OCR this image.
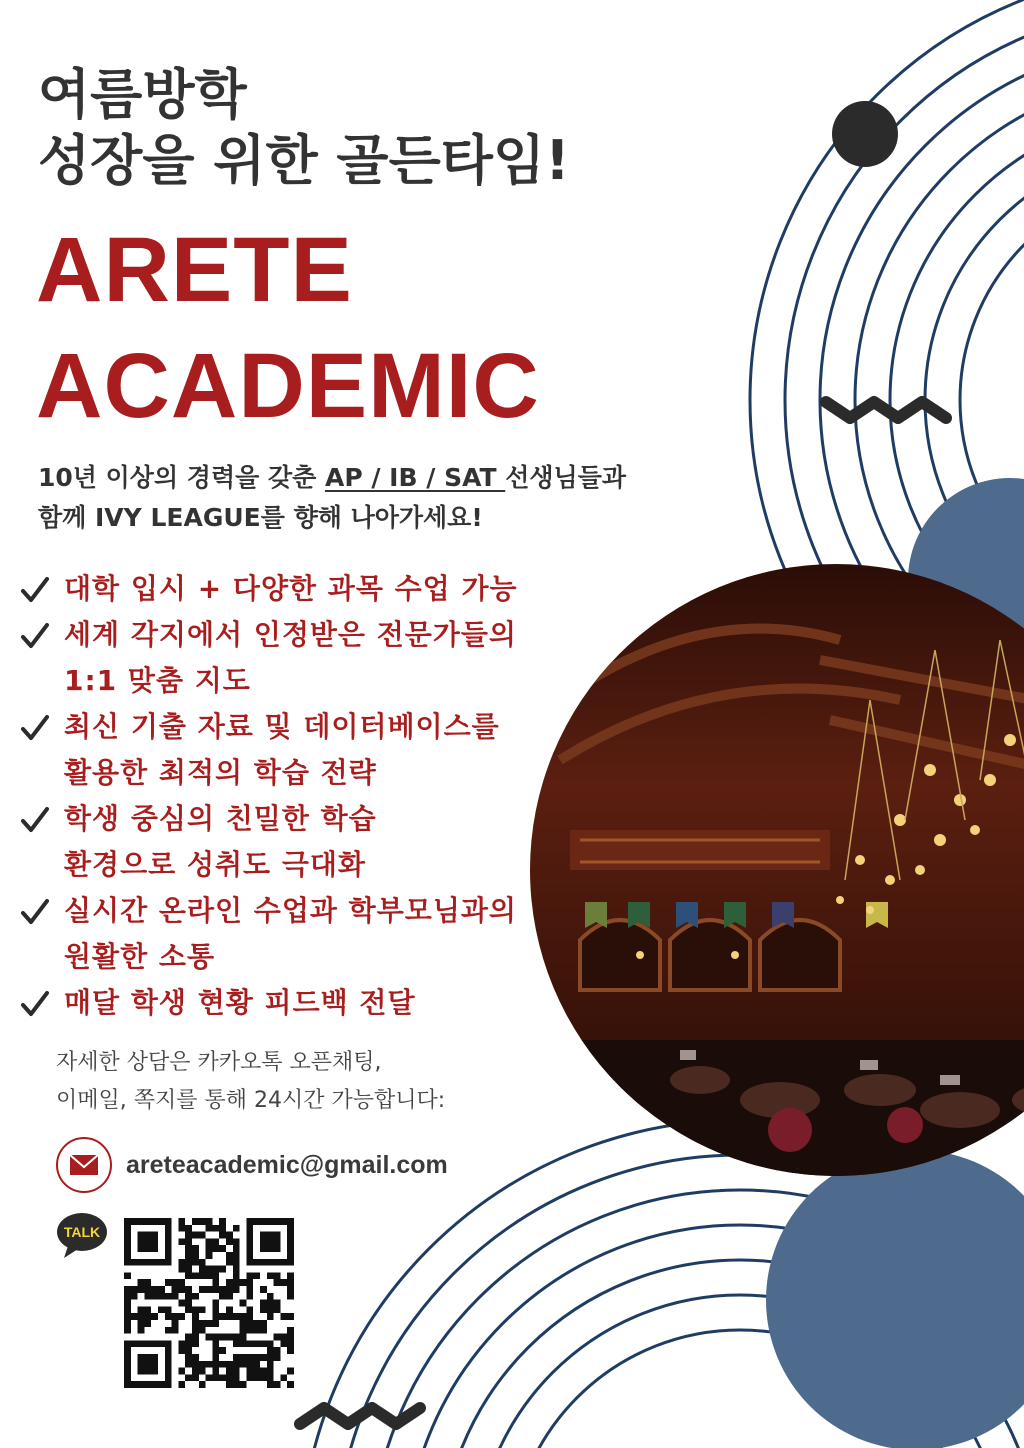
여름방학
성장을 위한 골든타임!
ARETE
ACADEMIC
10년 이상의 경력을 갖춘 AP / IB / SAT 선생님들과
함께 IVY LEAGUE를 향해 나아가세요!
대학 입시 + 다양한 과목 수업 가능
세계 각지에서 인정받은 전문가들의
1:1 맞춤 지도
최신 기출 자료 및 데이터베이스를
활용한 최적의 학습 전략
학생 중심의 친밀한 학습
환경으로 성취도 극대화
실시간 온라인 수업과 학부모님과의
원활한 소통
매달 학생 현황 피드백 전달
자세한 상담은 카카오톡 오픈채팅,
이메일, 쪽지를 통해 24시간 가능합니다:
areteacademic@gmail.com
TALK
